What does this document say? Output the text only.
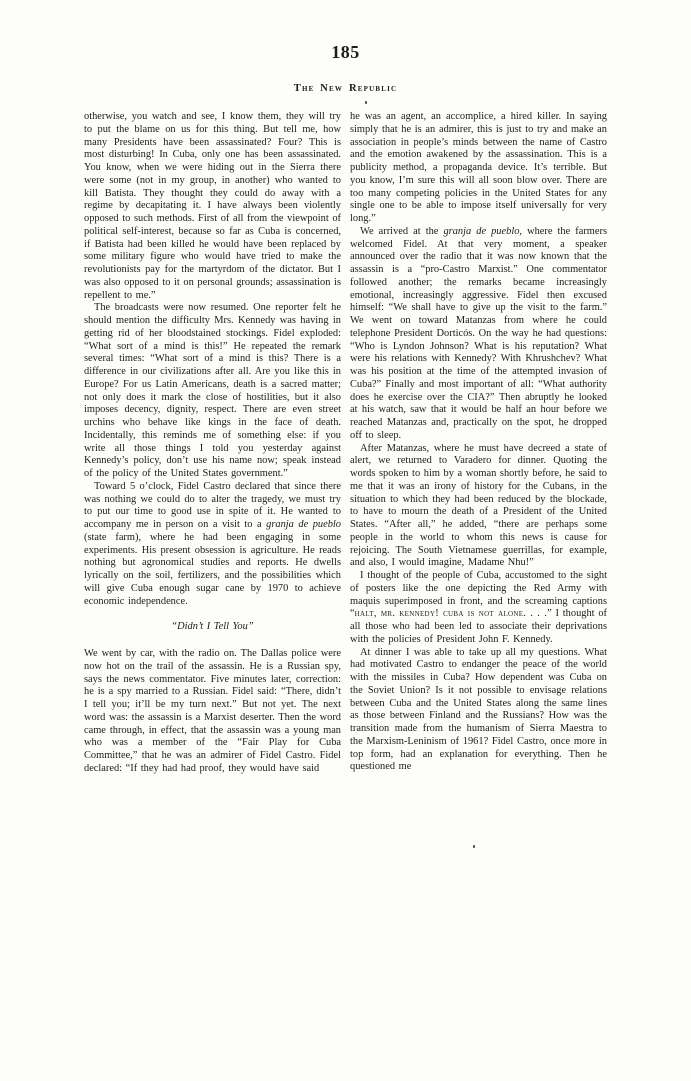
185
The New Republic

otherwise, you watch and see, I know them, they will try to put the blame on us for this thing. But tell me, how many Presidents have been assassinated? Four? This is most disturbing! In Cuba, only one has been assassinated. You know, when we were hiding out in the Sierra there were some (not in my group, in another) who wanted to kill Batista. They thought they could do away with a regime by decapitating it. I have always been violently opposed to such methods. First of all from the viewpoint of political self-interest, because so far as Cuba is concerned, if Batista had been killed he would have been replaced by some military figure who would have tried to make the revolutionists pay for the martyrdom of the dictator. But I was also opposed to it on personal grounds; assassination is repellent to me.”

The broadcasts were now resumed. One reporter felt he should mention the difficulty Mrs. Kennedy was having in getting rid of her bloodstained stockings. Fidel exploded: “What sort of a mind is this!” He repeated the remark several times: “What sort of a mind is this? There is a difference in our civilizations after all. Are you like this in Europe? For us Latin Americans, death is a sacred matter; not only does it mark the close of hostilities, but it also imposes decency, dignity, respect. There are even street urchins who behave like kings in the face of death. Incidentally, this reminds me of something else: if you write all those things I told you yesterday against Kennedy’s policy, don’t use his name now; speak instead of the policy of the United States government.”

Toward 5 o’clock, Fidel Castro declared that since there was nothing we could do to alter the tragedy, we must try to put our time to good use in spite of it. He wanted to accompany me in person on a visit to a granja de pueblo (state farm), where he had been engaging in some experiments. His present obsession is agriculture. He reads nothing but agronomical studies and reports. He dwells lyrically on the soil, fertilizers, and the possibilities which will give Cuba enough sugar cane by 1970 to achieve economic independence.

“Didn’t I Tell You”

We went by car, with the radio on. The Dallas police were now hot on the trail of the assassin. He is a Russian spy, says the news commentator. Five minutes later, correction: he is a spy married to a Russian. Fidel said: “There, didn’t I tell you; it’ll be my turn next.” But not yet. The next word was: the assassin is a Marxist deserter. Then the word came through, in effect, that the assassin was a young man who was a member of the “Fair Play for Cuba Committee,” that he was an admirer of Fidel Castro. Fidel declared: “If they had had proof, they would have said

he was an agent, an accomplice, a hired killer. In saying simply that he is an admirer, this is just to try and make an association in people’s minds between the name of Castro and the emotion awakened by the assassination. This is a publicity method, a propaganda device. It’s terrible. But you know, I’m sure this will all soon blow over. There are too many competing policies in the United States for any single one to be able to impose itself universally for very long.”

We arrived at the granja de pueblo, where the farmers welcomed Fidel. At that very moment, a speaker announced over the radio that it was now known that the assassin is a “pro-Castro Marxist.” One commentator followed another; the remarks became increasingly emotional, increasingly aggressive. Fidel then excused himself: “We shall have to give up the visit to the farm.” We went on toward Matanzas from where he could telephone President Dorticós. On the way he had questions: “Who is Lyndon Johnson? What is his reputation? What were his relations with Kennedy? With Khrushchev? What was his position at the time of the attempted invasion of Cuba?” Finally and most important of all: “What authority does he exercise over the CIA?” Then abruptly he looked at his watch, saw that it would be half an hour before we reached Matanzas and, practically on the spot, he dropped off to sleep.

After Matanzas, where he must have decreed a state of alert, we returned to Varadero for dinner. Quoting the words spoken to him by a woman shortly before, he said to me that it was an irony of history for the Cubans, in the situation to which they had been reduced by the blockade, to have to mourn the death of a President of the United States. “After all,” he added, “there are perhaps some people in the world to whom this news is cause for rejoicing. The South Vietnamese guerrillas, for example, and also, I would imagine, Madame Nhu!”

I thought of the people of Cuba, accustomed to the sight of posters like the one depicting the Red Army with maquis superimposed in front, and the screaming captions “halt, mr. kennedy! cuba is not alone. . . .” I thought of all those who had been led to associate their deprivations with the policies of President John F. Kennedy.

At dinner I was able to take up all my questions. What had motivated Castro to endanger the peace of the world with the missiles in Cuba? How dependent was Cuba on the Soviet Union? Is it not possible to envisage relations between Cuba and the United States along the same lines as those between Finland and the Russians? How was the transition made from the humanism of Sierra Maestra to the Marxism-Leninism of 1961? Fidel Castro, once more in top form, had an explanation for everything. Then he questioned me
